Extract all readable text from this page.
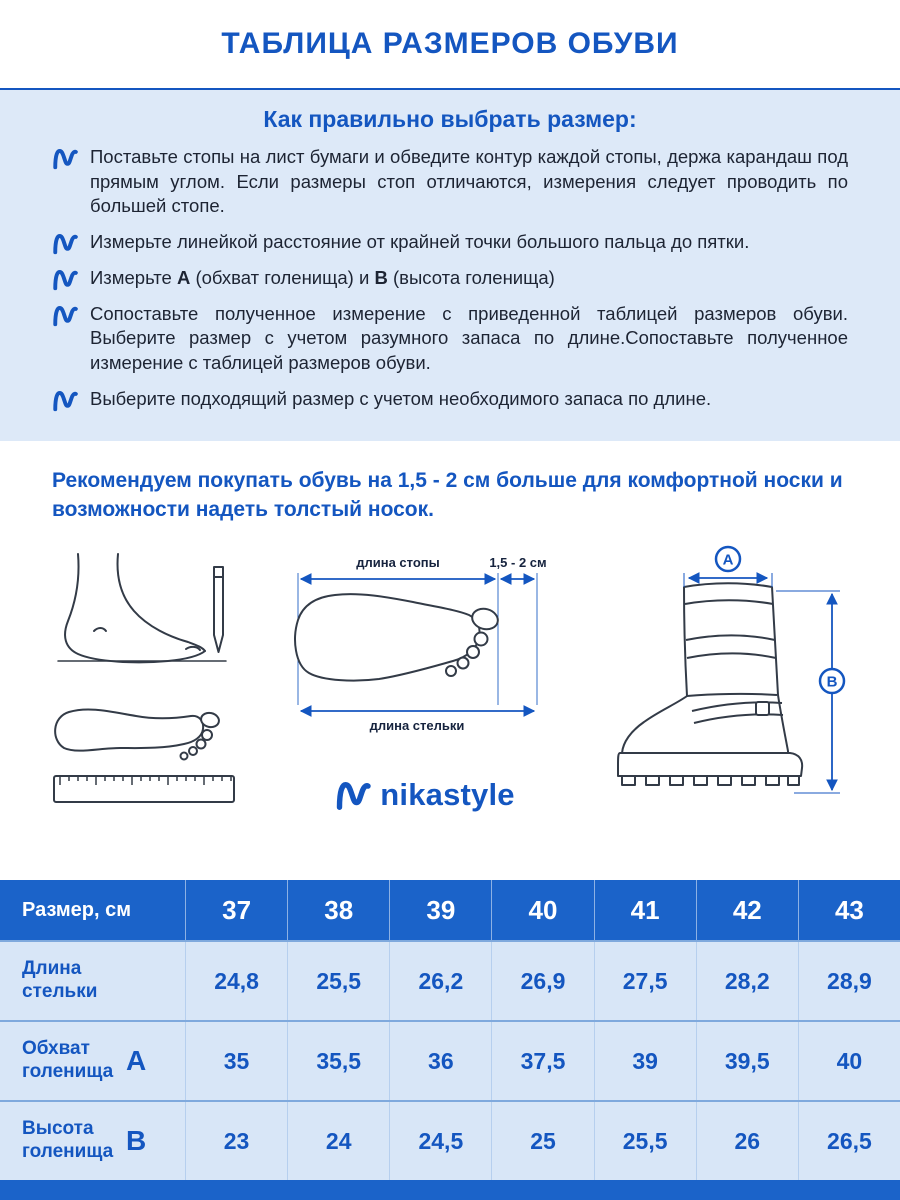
ТАБЛИЦА РАЗМЕРОВ ОБУВИ
Как правильно выбрать размер:

Поставьте стопы на лист бумаги и обведите контур каждой стопы, держа карандаш под прямым углом. Если размеры стоп отличаются, измерения следует проводить по большей стопе.

Измерьте линейкой расстояние от крайней точки большого пальца до пятки.

Измерьте А (обхват голенища) и В (высота голенища)

Сопоставьте полученное измерение с приведенной таблицей размеров обуви. Выберите размер с учетом разумного запаса по длине.Сопоставьте полученное измерение с таблицей размеров обуви.

Выберите подходящий размер с учетом необходимого запаса по длине.

Рекомендуем покупать обувь на 1,5 - 2 см больше для комфортной носки и возможности надеть толстый носок.

длина стопы	1,5 - 2 см
длина стельки
nikastyle
А
В
Размер, см	37	38	39	40	41	42	43
Длина стельки	24,8	25,5	26,2	26,9	27,5	28,2	28,9
Обхват голенища А	35	35,5	36	37,5	39	39,5	40
Высота голенища В	23	24	24,5	25	25,5	26	26,5
